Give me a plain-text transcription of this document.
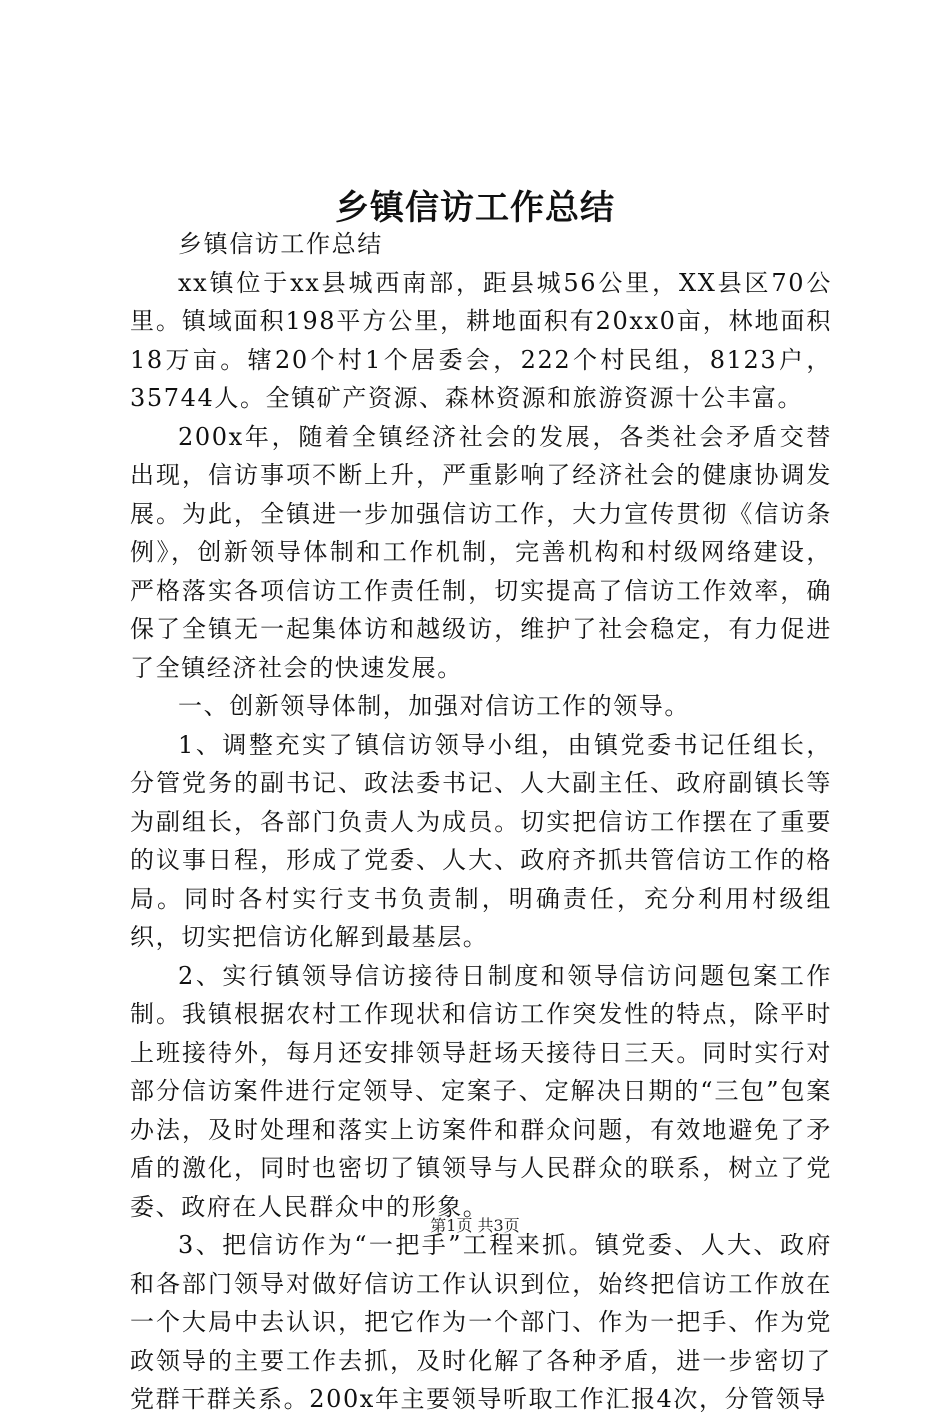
乡镇信访工作总结

乡镇信访工作总结

xx镇位于xx县城西南部，距县城56公里，XX县区70公里。镇域面积198平方公里，耕地面积有20xx0亩，林地面积18万亩。辖20个村1个居委会，222个村民组，8123户，35744人。全镇矿产资源、森林资源和旅游资源十公丰富。

200x年，随着全镇经济社会的发展，各类社会矛盾交替出现，信访事项不断上升，严重影响了经济社会的健康协调发展。为此，全镇进一步加强信访工作，大力宣传贯彻《信访条例》，创新领导体制和工作机制，完善机构和村级网络建设，严格落实各项信访工作责任制，切实提高了信访工作效率，确保了全镇无一起集体访和越级访，维护了社会稳定，有力促进了全镇经济社会的快速发展。

一、创新领导体制，加强对信访工作的领导。

1、调整充实了镇信访领导小组，由镇党委书记任组长，分管党务的副书记、政法委书记、人大副主任、政府副镇长等为副组长，各部门负责人为成员。切实把信访工作摆在了重要的议事日程，形成了党委、人大、政府齐抓共管信访工作的格局。同时各村实行支书负责制，明确责任，充分利用村级组织，切实把信访化解到最基层。

2、实行镇领导信访接待日制度和领导信访问题包案工作制。我镇根据农村工作现状和信访工作突发性的特点，除平时上班接待外，每月还安排领导赶场天接待日三天。同时实行对部分信访案件进行定领导、定案子、定解决日期的“三包”包案办法，及时处理和落实上访案件和群众问题，有效地避免了矛盾的激化，同时也密切了镇领导与人民群众的联系，树立了党委、政府在人民群众中的形象。

3、把信访作为“一把手”工程来抓。镇党委、人大、政府和各部门领导对做好信访工作认识到位，始终把信访工作放在一个大局中去认识，把它作为一个部门、作为一把手、作为党政领导的主要工作去抓，及时化解了各种矛盾，进一步密切了党群干群关系。200x年主要领导听取工作汇报4次，分管领导

第1页 共3页
